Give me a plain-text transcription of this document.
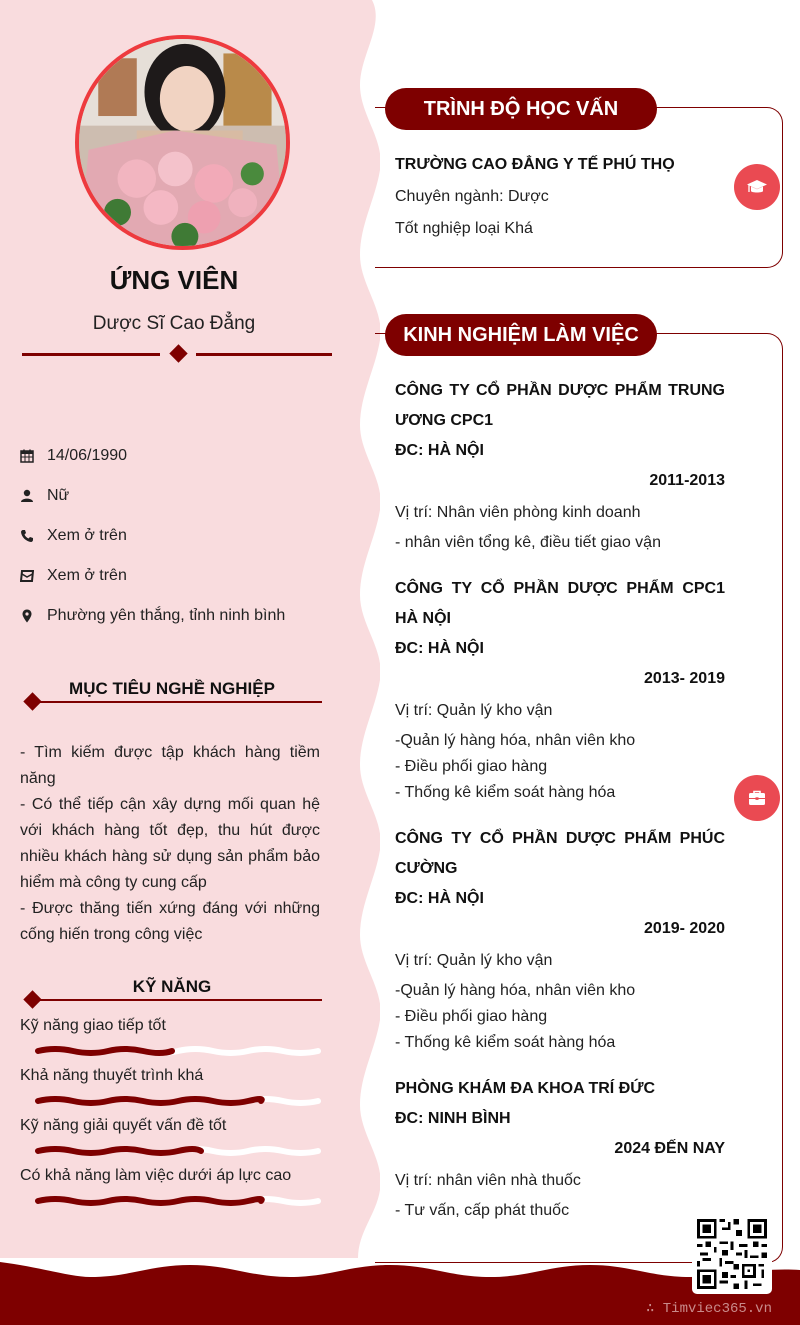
ỨNG VIÊN
Dược Sĩ Cao Đẳng
14/06/1990
Nữ
Xem ở trên
Xem ở trên
Phường yên thắng, tỉnh ninh bình
MỤC TIÊU NGHỀ NGHIỆP

- Tìm kiếm được tập khách hàng tiềm năng

- Có thể tiếp cận xây dựng mối quan hệ với khách hàng tốt đẹp, thu hút được nhiều khách hàng sử dụng sản phẩm bảo hiểm mà công ty cung cấp

- Được thăng tiến xứng đáng với những cống hiến trong công việc

KỸ NĂNG
Kỹ năng giao tiếp tốt
Khả năng thuyết trình khá
Kỹ năng giải quyết vấn đề tốt
Có khả năng làm việc dưới áp lực cao
TRÌNH ĐỘ HỌC VẤN
TRƯỜNG CAO ĐẲNG Y TẾ PHÚ THỌ
Chuyên ngành: Dược
Tốt nghiệp loại Khá
KINH NGHIỆM LÀM VIỆC
CÔNG TY CỔ PHẦN DƯỢC PHẨM TRUNG ƯƠNG CPC1
ĐC: HÀ NỘI
2011-2013
Vị trí: Nhân viên phòng kinh doanh
- nhân viên tổng kê, điều tiết giao vận
CÔNG TY CỔ PHẦN DƯỢC PHẨM CPC1 HÀ NỘI
ĐC: HÀ NỘI
2013- 2019
Vị trí: Quản lý kho vận
-Quản lý hàng hóa, nhân viên kho
- Điều phối giao hàng
- Thống kê kiểm soát hàng hóa
CÔNG TY CỔ PHẦN DƯỢC PHẨM PHÚC CƯỜNG
ĐC: HÀ NỘI
2019- 2020
Vị trí: Quản lý kho vận
-Quản lý hàng hóa, nhân viên kho
- Điều phối giao hàng
- Thống kê kiểm soát hàng hóa
PHÒNG KHÁM ĐA KHOA TRÍ ĐỨC
ĐC: NINH BÌNH
2024 ĐẾN NAY
Vị trí: nhân viên nhà thuốc
- Tư vấn, cấp phát thuốc
∴ Timviec365.vn
